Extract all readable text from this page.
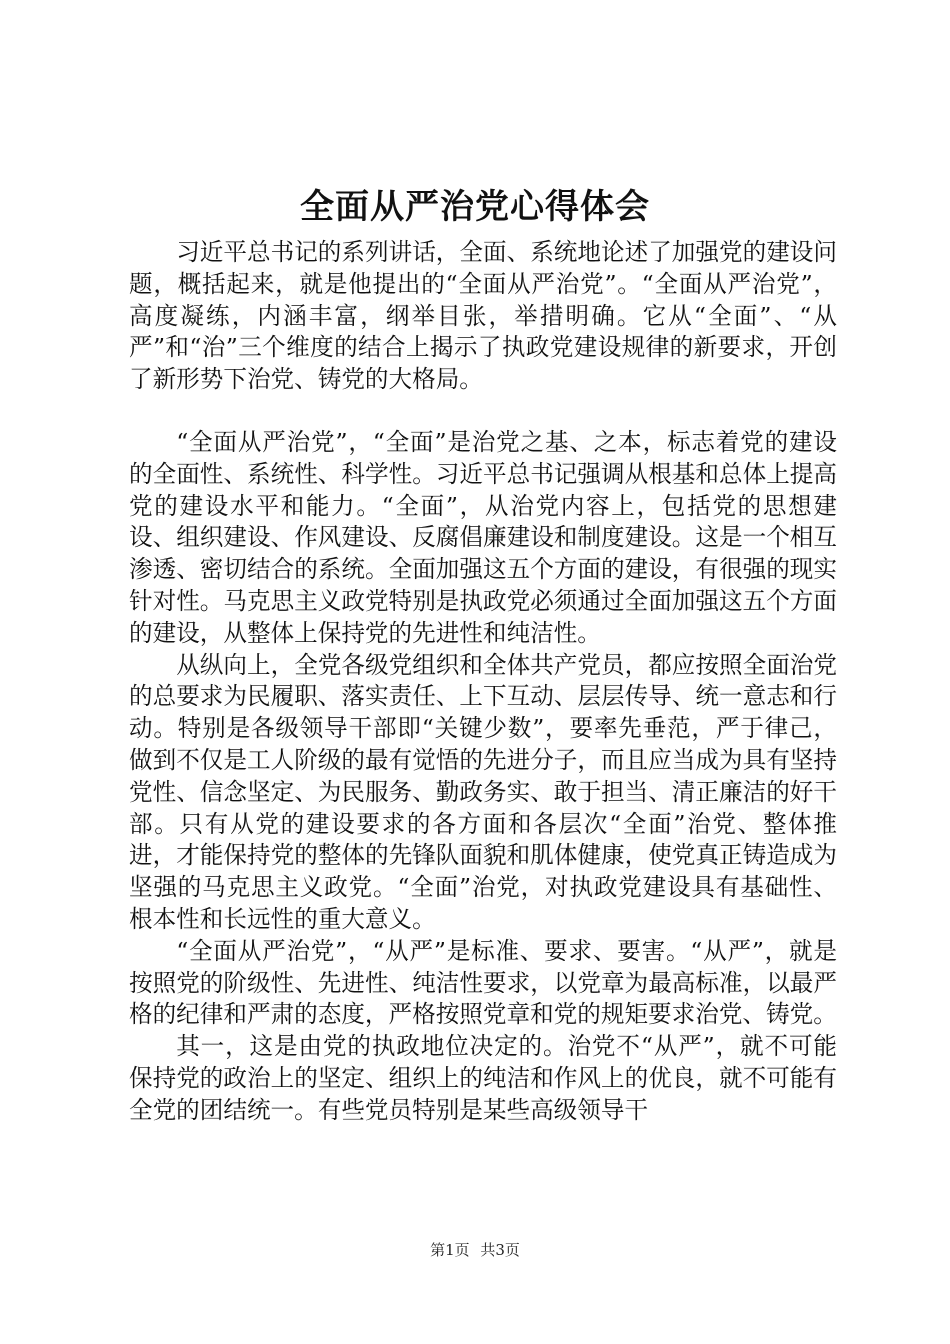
全面从严治党心得体会

习近平总书记的系列讲话，全面、系统地论述了加强党的建设问题，概括起来，就是他提出的“全面从严治党”。“全面从严治党”，高度凝练，内涵丰富，纲举目张，举措明确。它从“全面”、“从严”和“治”三个维度的结合上揭示了执政党建设规律的新要求，开创了新形势下治党、铸党的大格局。

“全面从严治党”，“全面”是治党之基、之本，标志着党的建设的全面性、系统性、科学性。习近平总书记强调从根基和总体上提高党的建设水平和能力。“全面”，从治党内容上，包括党的思想建设、组织建设、作风建设、反腐倡廉建设和制度建设。这是一个相互渗透、密切结合的系统。全面加强这五个方面的建设，有很强的现实针对性。马克思主义政党特别是执政党必须通过全面加强这五个方面的建设，从整体上保持党的先进性和纯洁性。

从纵向上，全党各级党组织和全体共产党员，都应按照全面治党的总要求为民履职、落实责任、上下互动、层层传导、统一意志和行动。特别是各级领导干部即“关键少数”，要率先垂范，严于律己，做到不仅是工人阶级的最有觉悟的先进分子，而且应当成为具有坚持党性、信念坚定、为民服务、勤政务实、敢于担当、清正廉洁的好干部。只有从党的建设要求的各方面和各层次“全面”治党、整体推进，才能保持党的整体的先锋队面貌和肌体健康，使党真正铸造成为坚强的马克思主义政党。“全面”治党，对执政党建设具有基础性、根本性和长远性的重大意义。

“全面从严治党”，“从严”是标准、要求、要害。“从严”，就是按照党的阶级性、先进性、纯洁性要求，以党章为最高标准，以最严格的纪律和严肃的态度，严格按照党章和党的规矩要求治党、铸党。

其一，这是由党的执政地位决定的。治党不“从严”，就不可能保持党的政治上的坚定、组织上的纯洁和作风上的优良，就不可能有全党的团结统一。有些党员特别是某些高级领导干

第1页 共3页
